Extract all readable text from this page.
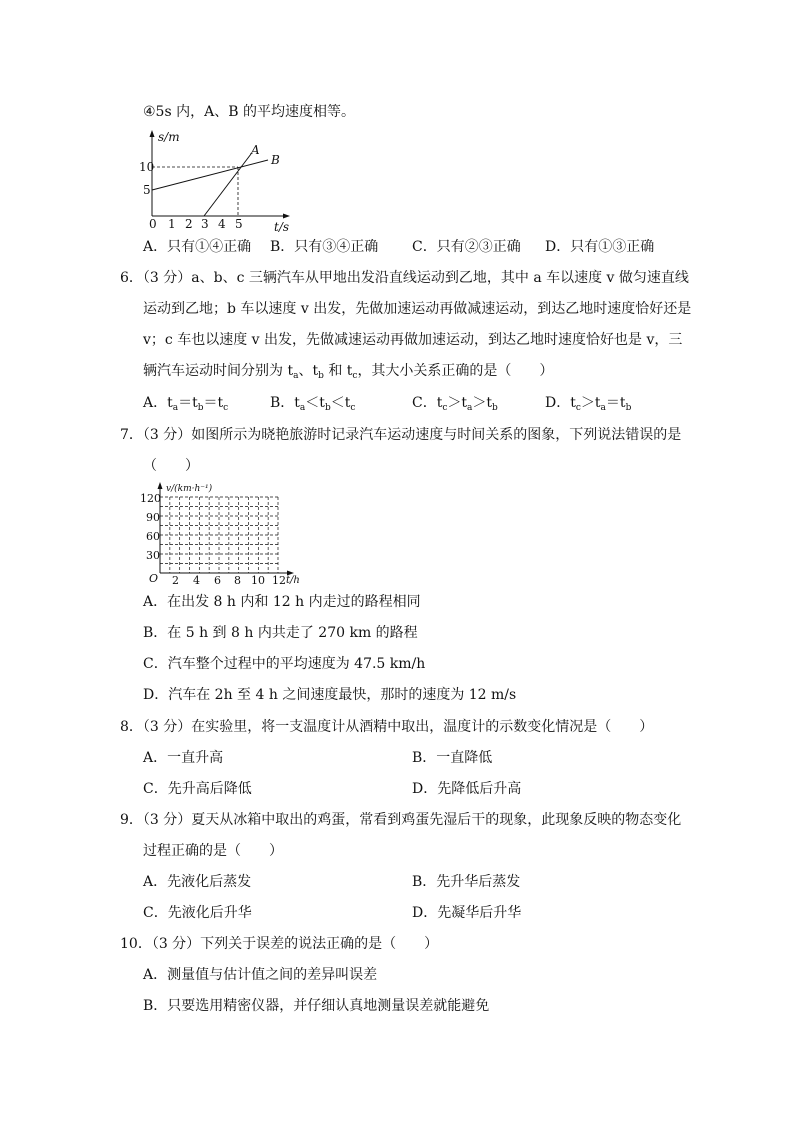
④5s 内，A、B 的平均速度相等。
s/m
10
5
0 1 2 3 4 5	t/s
A
B
A．只有①④正确 B．只有③④正确 C．只有②③正确 D．只有①③正确
6．（3 分）a、b、c 三辆汽车从甲地出发沿直线运动到乙地，其中 a 车以速度 v 做匀速直线
运动到乙地；b 车以速度 v 出发，先做加速运动再做减速运动，到达乙地时速度恰好还是
v；c 车也以速度 v 出发，先做减速运动再做加速运动，到达乙地时速度恰好也是 v，三
辆汽车运动时间分别为 $t_a$、$t_b$ 和 $t_c$，其大小关系正确的是（　　）
A．$t_a=t_b=t_c$	B．$t_a<t_b<t_c$	C．$t_c>t_a>t_b$	D．$t_c>t_a=t_b$
7．（3 分）如图所示为晓艳旅游时记录汽车运动速度与时间关系的图象，下列说法错误的是
（　　）
v/(km·h⁻¹)
O
120
90
60
30
2 4 6 8 10 12 t/h
A．在出发 8 h 内和 12 h 内走过的路程相同
B．在 5 h 到 8 h 内共走了 270 km 的路程
C．汽车整个过程中的平均速度为 47.5 km/h
D．汽车在 2h 至 4 h 之间速度最快，那时的速度为 12 m/s
8．（3 分）在实验里，将一支温度计从酒精中取出，温度计的示数变化情况是（　　）
A．一直升高	B．一直降低
C．先升高后降低	D．先降低后升高
9．（3 分）夏天从冰箱中取出的鸡蛋，常看到鸡蛋先湿后干的现象，此现象反映的物态变化
过程正确的是（　　）
A．先液化后蒸发	B．先升华后蒸发
C．先液化后升华	D．先凝华后升华
10．（3 分）下列关于误差的说法正确的是（　　）
A．测量值与估计值之间的差异叫误差
B．只要选用精密仪器，并仔细认真地测量误差就能避免
